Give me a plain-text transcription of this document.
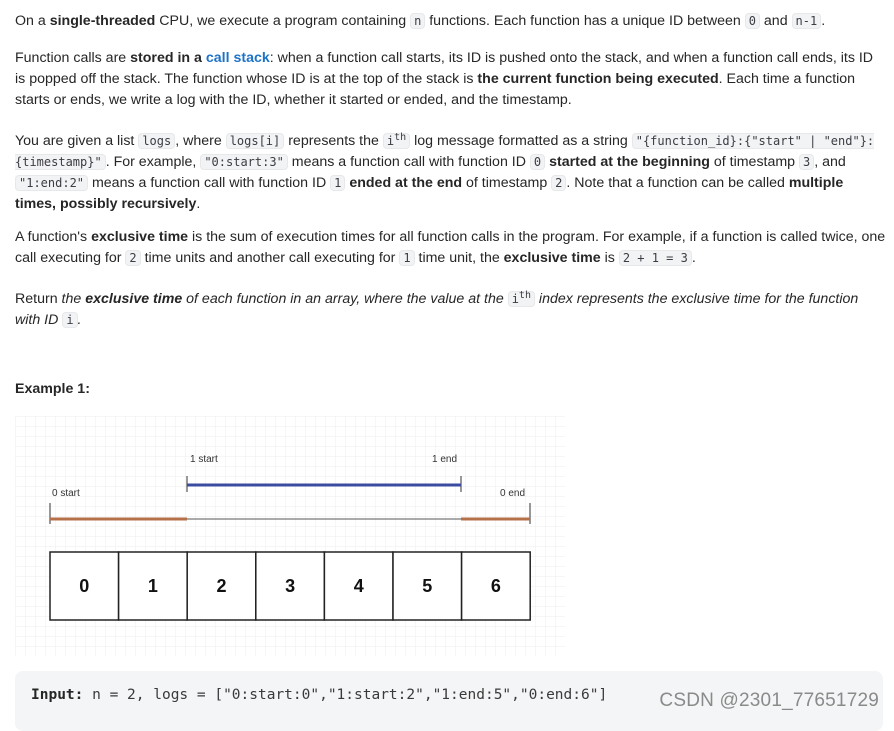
On a single-threaded CPU, we execute a program containing n functions. Each function has a unique ID between 0 and n-1 .

Function calls are stored in a call stack: when a function call starts, its ID is pushed onto the stack, and when a function call ends, its ID is popped off the stack. The function whose ID is at the top of the stack is the current function being executed. Each time a function starts or ends, we write a log with the ID, whether it started or ended, and the timestamp.

You are given a list logs , where logs[i] represents the $i^{th}$ log message formatted as a string "{function_id}:{"start" | "end"}:{timestamp}" . For example, "0:start:3" means a function call with function ID 0 started at the beginning of timestamp 3 , and "1:end:2" means a function call with function ID 1 ended at the end of timestamp 2 . Note that a function can be called multiple times, possibly recursively.

A function's exclusive time is the sum of execution times for all function calls in the program. For example, if a function is called twice, one call executing for 2 time units and another call executing for 1 time unit, the exclusive time is 2 + 1 = 3 .

Return the exclusive time of each function in an array, where the value at the $i^{th}$ index represents the exclusive time for the function with ID i .

Example 1:
1 start	1 end
0 start	0 end
0	1	2	3	4	5	6
Input: n = 2, logs = ["0:start:0","1:start:2","1:end:5","0:end:6"]	CSDN @2301_77651729
